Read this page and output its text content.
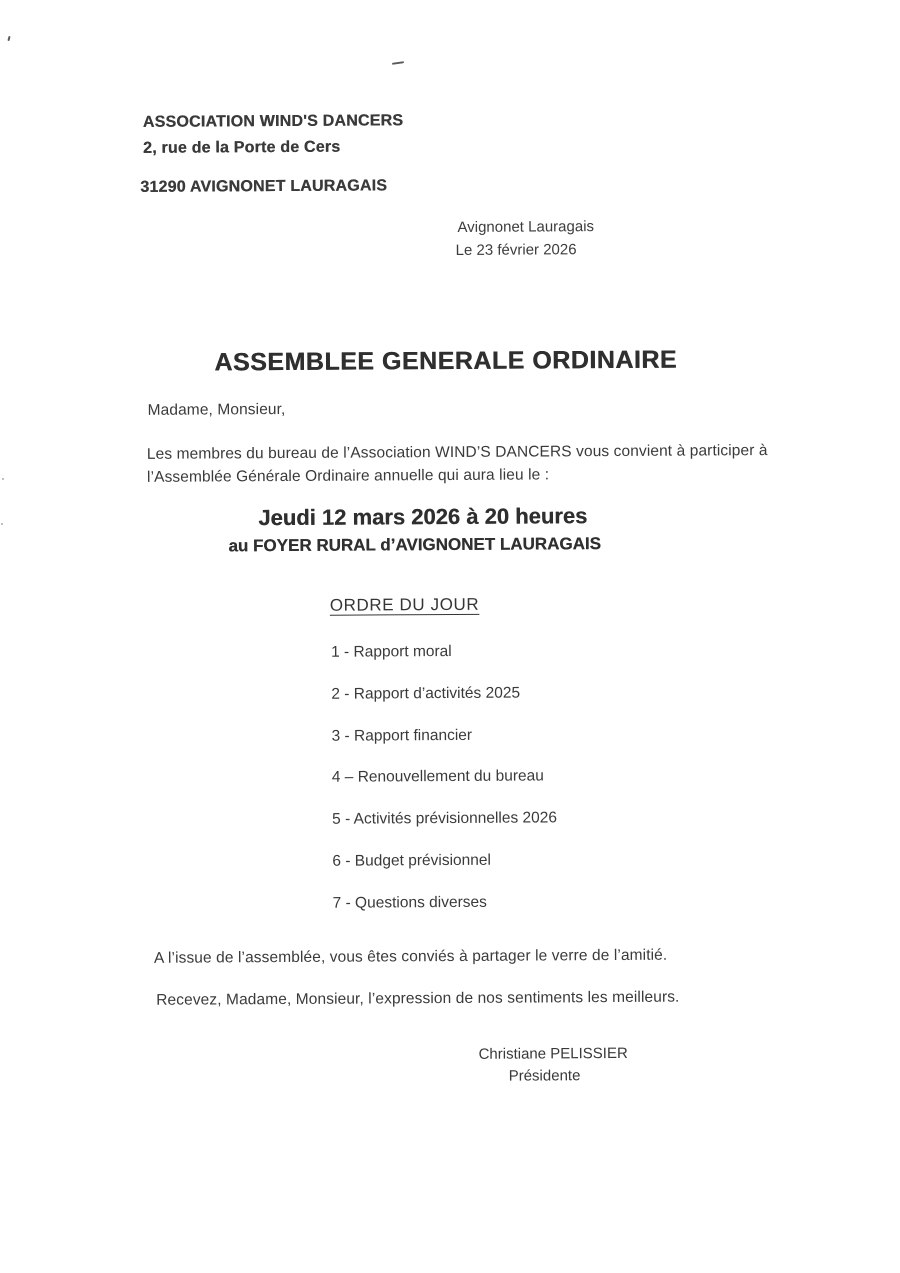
ASSOCIATION WIND'S DANCERS
2, rue de la Porte de Cers
31290 AVIGNONET LAURAGAIS
Avignonet Lauragais
Le 23 février 2026
ASSEMBLEE GENERALE ORDINAIRE
Madame, Monsieur,
Les membres du bureau de l’Association WIND’S DANCERS vous convient à participer à l’Assemblée Générale Ordinaire annuelle qui aura lieu le :
Jeudi 12 mars 2026 à 20 heures
au FOYER RURAL d’AVIGNONET LAURAGAIS
ORDRE DU JOUR
1 - Rapport moral
2 - Rapport d’activités 2025
3 - Rapport financier
4 – Renouvellement du bureau
5 - Activités prévisionnelles 2026
6 - Budget prévisionnel
7 - Questions diverses
A l’issue de l’assemblée, vous êtes conviés à partager le verre de l’amitié.
Recevez, Madame, Monsieur, l’expression de nos sentiments les meilleurs.
Christiane PELISSIER
Présidente
